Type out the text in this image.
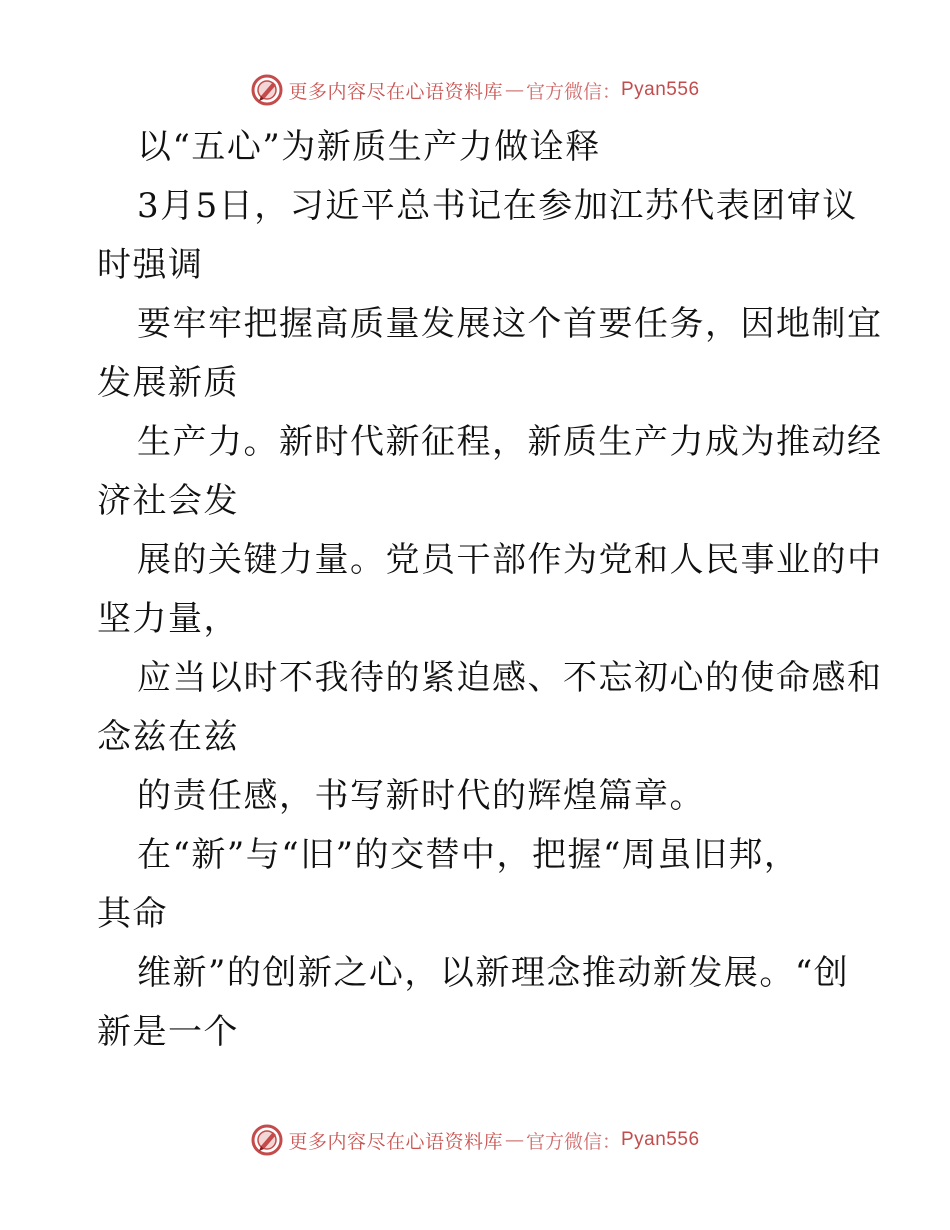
更多内容尽在心语资料库 — 官方微信： Pyan556
以“五心”为新质生产力做诠释
3月5日，习近平总书记在参加江苏代表团审议
时强调
要牢牢把握高质量发展这个首要任务，因地制宜
发展新质
生产力。新时代新征程，新质生产力成为推动经
济社会发
展的关键力量。党员干部作为党和人民事业的中
坚力量，
应当以时不我待的紧迫感、不忘初心的使命感和
念兹在兹
的责任感，书写新时代的辉煌篇章。
在“新”与“旧”的交替中，把握“周虽旧邦，
其命
维新”的创新之心，以新理念推动新发展。“创
新是一个
更多内容尽在心语资料库 — 官方微信： Pyan556
